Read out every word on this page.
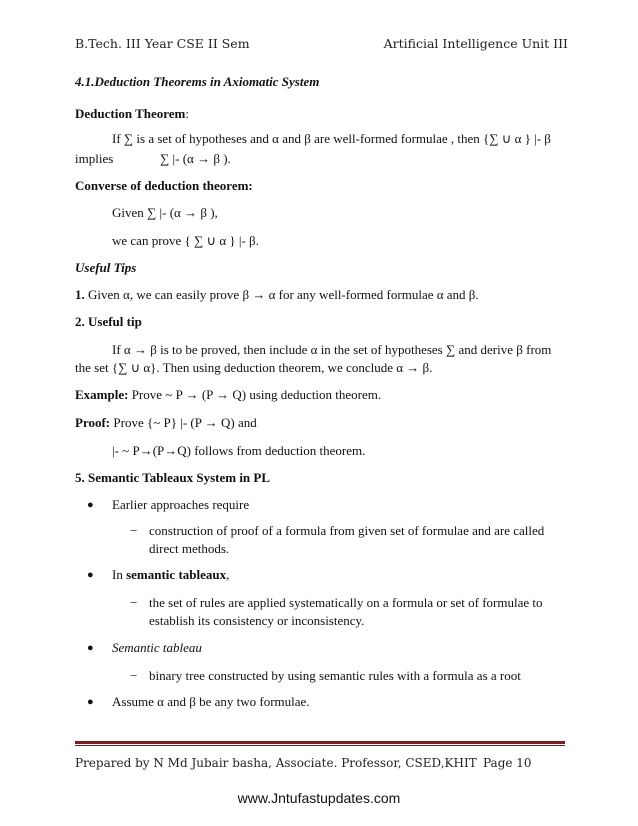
B.Tech. III Year CSE II Sem	Artificial Intelligence Unit III
4.1.Deduction Theorems in Axiomatic System
Deduction Theorem:
If ∑ is a set of hypotheses and α and β are well-formed formulae , then {∑ ∪ α } |- β
implies	∑ |- (α → β ).
Converse of deduction theorem:
Given ∑ |- (α → β ),
we can prove { ∑ ∪ α } |- β.
Useful Tips
1. Given α, we can easily prove β → α for any well-formed formulae α and β.
2. Useful tip
If α → β is to be proved, then include α in the set of hypotheses ∑ and derive β from
the set {∑ ∪ α}. Then using deduction theorem, we conclude α → β.
Example: Prove ~ P → (P → Q) using deduction theorem.
Proof: Prove {~ P} |- (P → Q) and
|- ~ P→(P→Q) follows from deduction theorem.
5. Semantic Tableaux System in PL
● Earlier approaches require
− construction of proof of a formula from given set of formulae and are called
direct methods.
● In semantic tableaux,
− the set of rules are applied systematically on a formula or set of formulae to
establish its consistency or inconsistency.
● Semantic tableau
− binary tree constructed by using semantic rules with a formula as a root
● Assume α and β be any two formulae.
Prepared by N Md Jubair basha, Associate. Professor, CSED,KHIT Page 10
www.Jntufastupdates.com
